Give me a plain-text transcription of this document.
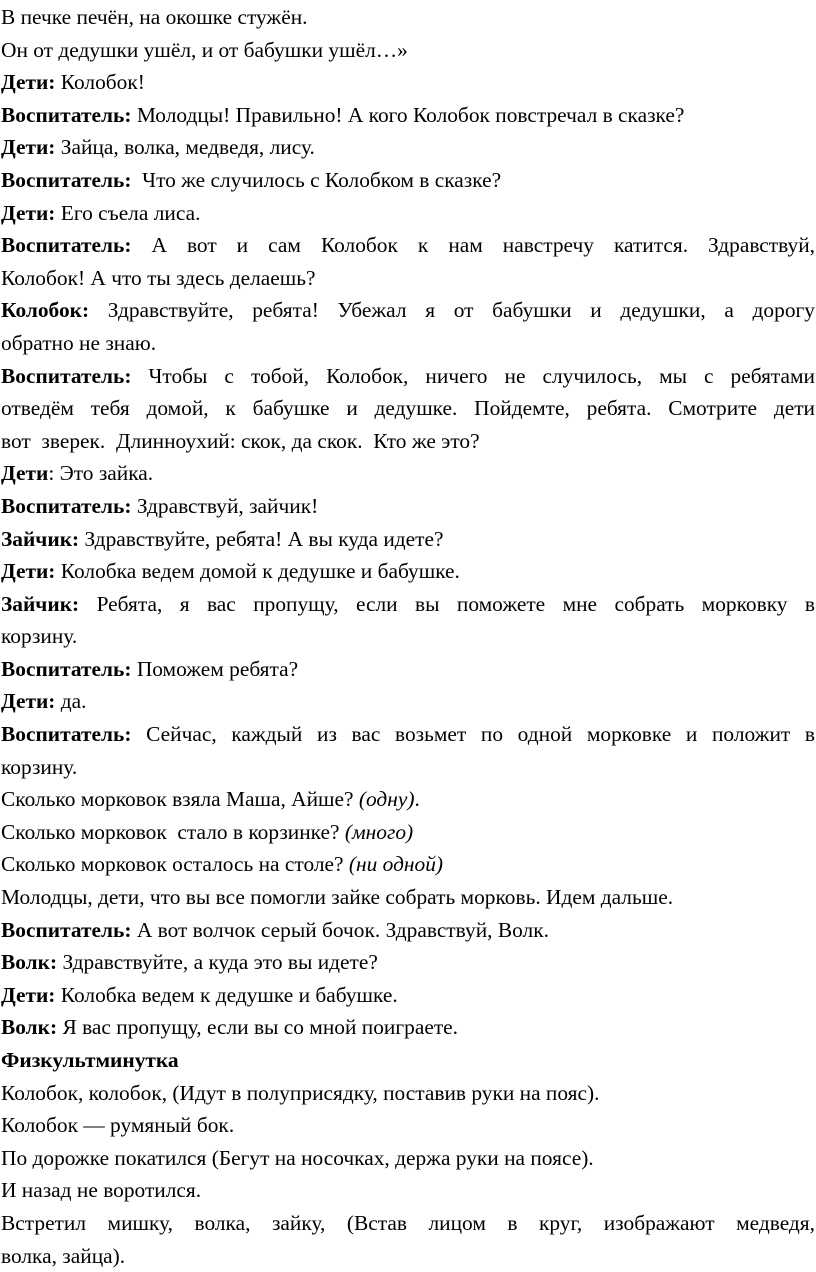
В печке печён, на окошке стужён.
Он от дедушки ушёл, и от бабушки ушёл…»
Дети: Колобок!
Воспитатель: Молодцы! Правильно! А кого Колобок повстречал в сказке?
Дети: Зайца, волка, медведя, лису.
Воспитатель:  Что же случилось с Колобком в сказке?
Дети: Его съела лиса.
Воспитатель: А вот и сам Колобок к нам навстречу катится. Здравствуй,
Колобок! А что ты здесь делаешь?
Колобок: Здравствуйте, ребята! Убежал я от бабушки и дедушки, а дорогу
обратно не знаю.
Воспитатель: Чтобы с тобой, Колобок, ничего не случилось, мы с ребятами
отведём тебя домой, к бабушке и дедушке. Пойдемте, ребята. Смотрите дети
вот  зверек.  Длинноухий: скок, да скок.  Кто же это?
Дети: Это зайка.
Воспитатель: Здравствуй, зайчик!
Зайчик: Здравствуйте, ребята! А вы куда идете?
Дети: Колобка ведем домой к дедушке и бабушке.
Зайчик: Ребята, я вас пропущу, если вы поможете мне собрать морковку в
корзину.
Воспитатель: Поможем ребята?
Дети: да.
Воспитатель: Сейчас, каждый из вас возьмет по одной морковке и положит в
корзину.
Сколько морковок взяла Маша, Айше? (одну).
Сколько морковок  стало в корзинке? (много)
Сколько морковок осталось на столе? (ни одной)
Молодцы, дети, что вы все помогли зайке собрать морковь. Идем дальше.
Воспитатель: А вот волчок серый бочок. Здравствуй, Волк.
Волк: Здравствуйте, а куда это вы идете?
Дети: Колобка ведем к дедушке и бабушке.
Волк: Я вас пропущу, если вы со мной поиграете.
Физкультминутка
Колобок, колобок, (Идут в полуприсядку, поставив руки на пояс).
Колобок — румяный бок.
По дорожке покатился (Бегут на носочках, держа руки на поясе).
И назад не воротился.
Встретил мишку, волка, зайку, (Встав лицом в круг, изображают медведя,
волка, зайца).
